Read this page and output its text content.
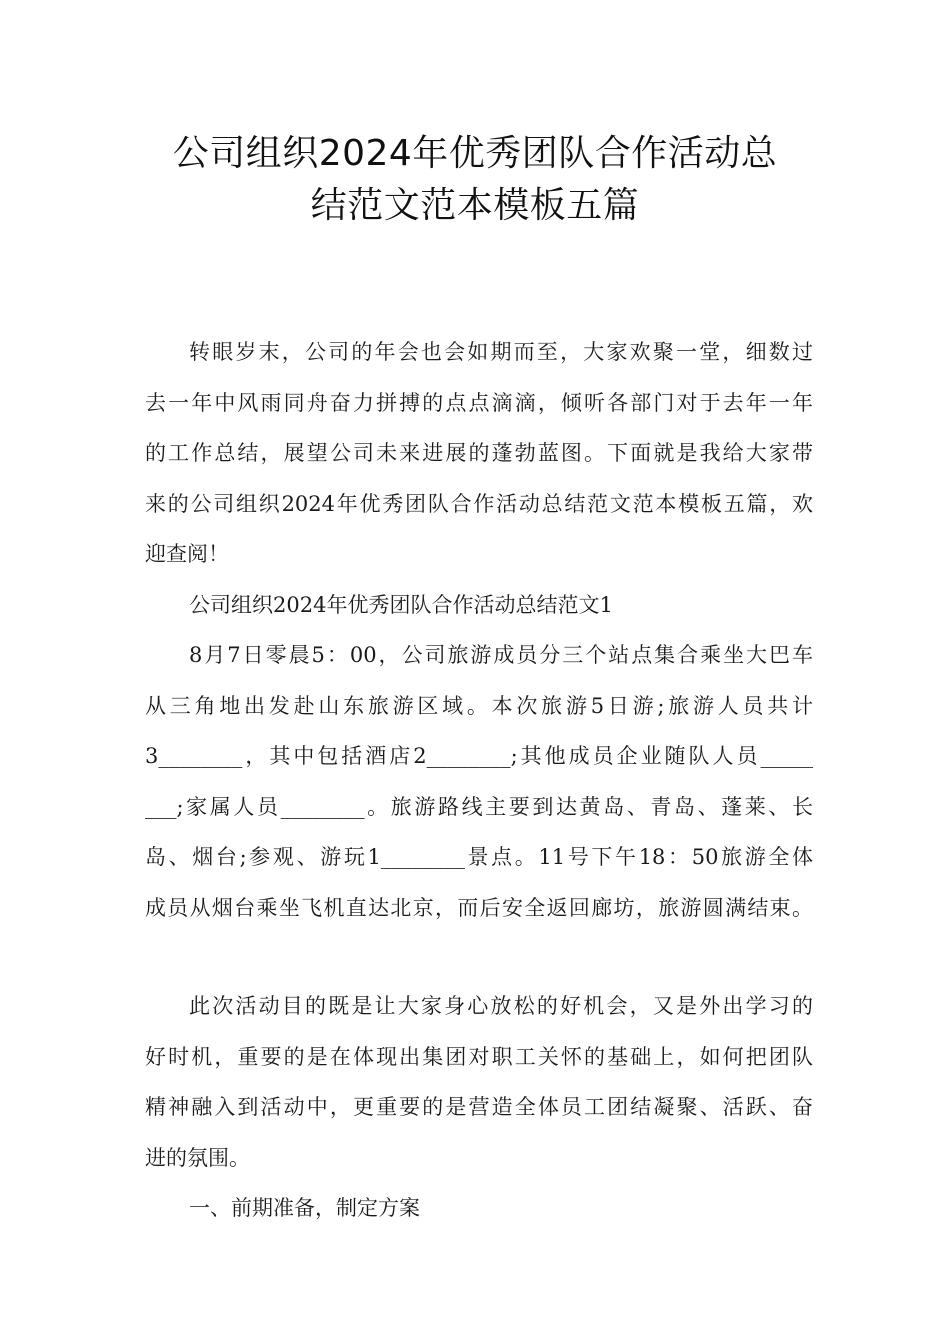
公司组织2024年优秀团队合作活动总
结范文范本模板五篇
转眼岁末，公司的年会也会如期而至，大家欢聚一堂，细数过
去一年中风雨同舟奋力拼搏的点点滴滴，倾听各部门对于去年一年
的工作总结，展望公司未来进展的蓬勃蓝图。下面就是我给大家带
来的公司组织2024年优秀团队合作活动总结范文范本模板五篇，欢
迎查阅！
公司组织2024年优秀团队合作活动总结范文1
8月7日零晨5：00，公司旅游成员分三个站点集合乘坐大巴车
从三角地出发赴山东旅游区域。本次旅游5日游;旅游人员共计
3________，其中包括酒店2________;其他成员企业随队人员_____
___;家属人员________。旅游路线主要到达黄岛、青岛、蓬莱、长
岛、烟台;参观、游玩1________景点。11号下午18：50旅游全体
成员从烟台乘坐飞机直达北京，而后安全返回廊坊，旅游圆满结束。
此次活动目的既是让大家身心放松的好机会，又是外出学习的
好时机，重要的是在体现出集团对职工关怀的基础上，如何把团队
精神融入到活动中，更重要的是营造全体员工团结凝聚、活跃、奋
进的氛围。
一、前期准备，制定方案
